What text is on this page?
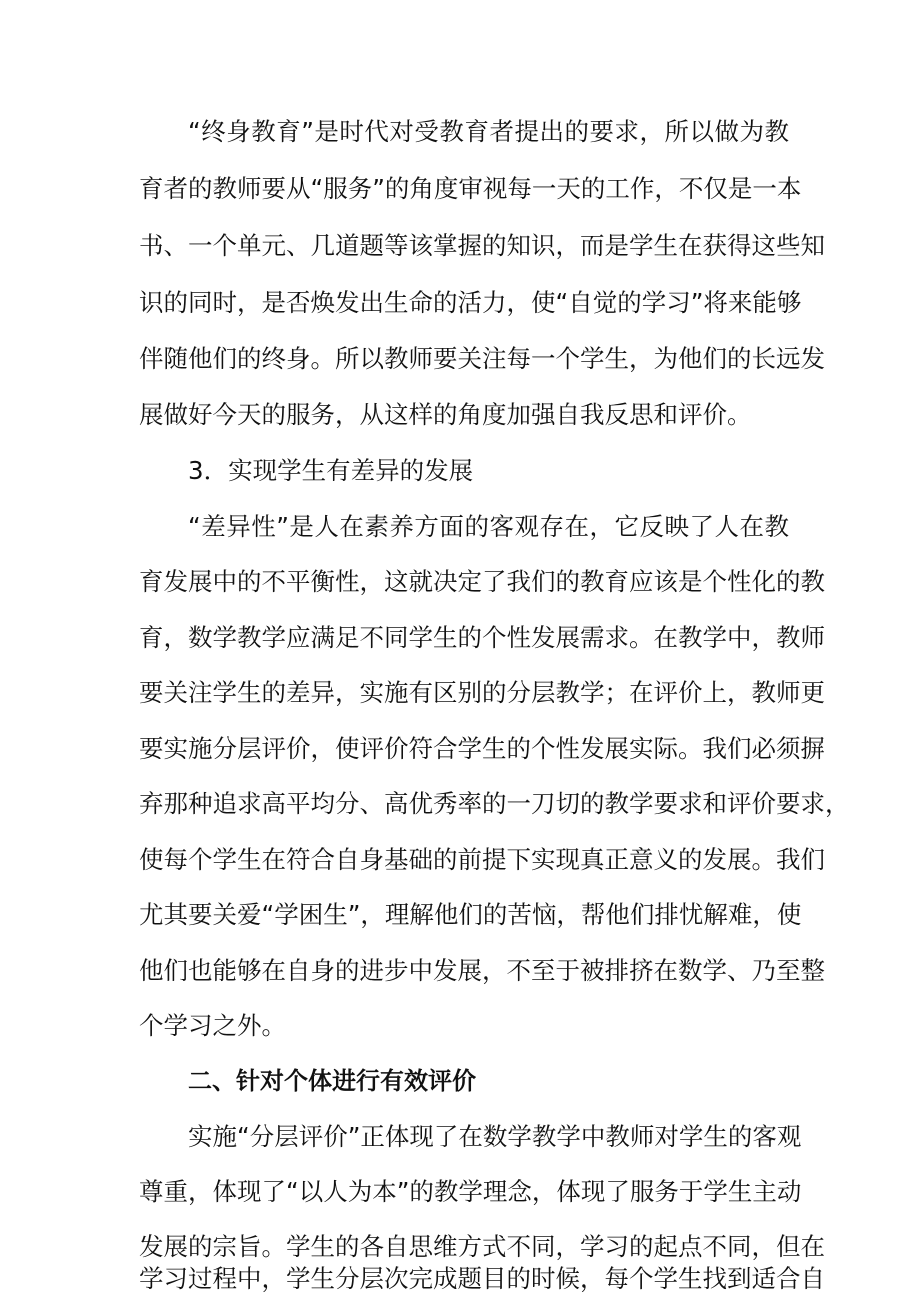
“终身教育”是时代对受教育者提出的要求，所以做为教
育者的教师要从“服务”的角度审视每一天的工作，不仅是一本
书、一个单元、几道题等该掌握的知识，而是学生在获得这些知
识的同时，是否焕发出生命的活力，使“自觉的学习”将来能够
伴随他们的终身。所以教师要关注每一个学生，为他们的长远发
展做好今天的服务，从这样的角度加强自我反思和评价。
3．实现学生有差异的发展
“差异性”是人在素养方面的客观存在，它反映了人在教
育发展中的不平衡性，这就决定了我们的教育应该是个性化的教
育，数学教学应满足不同学生的个性发展需求。在教学中，教师
要关注学生的差异，实施有区别的分层教学；在评价上，教师更
要实施分层评价，使评价符合学生的个性发展实际。我们必须摒
弃那种追求高平均分、高优秀率的一刀切的教学要求和评价要求，
使每个学生在符合自身基础的前提下实现真正意义的发展。我们
尤其要关爱“学困生”，理解他们的苦恼，帮他们排忧解难，使
他们也能够在自身的进步中发展，不至于被排挤在数学、乃至整
个学习之外。
二、针对个体进行有效评价
实施“分层评价”正体现了在数学教学中教师对学生的客观
尊重，体现了“以人为本”的教学理念，体现了服务于学生主动
发展的宗旨。学生的各自思维方式不同，学习的起点不同，但在
学习过程中，学生分层次完成题目的时候，每个学生找到适合自
